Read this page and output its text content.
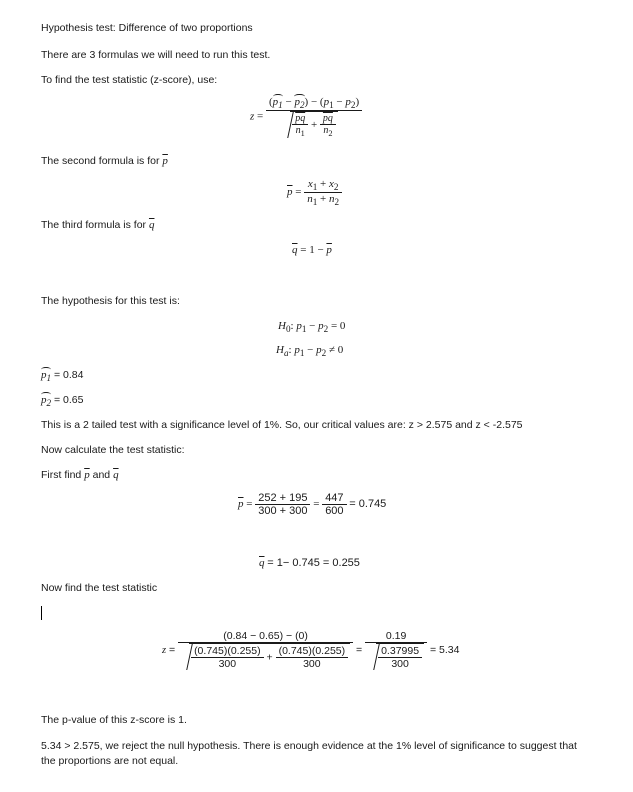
Hypothesis test: Difference of two proportions
There are 3 formulas we will need to run this test.
To find the test statistic (z-score), use:
$z = \frac{(p_1 - p_2) - (p_1 - p_2)}{\frac{\overline{pq}}{n_1} + \frac{\overline{pq}}{n_2}}$
The second formula is for $\overline{p}$
$\overline{p} = \frac{x_1 + x_2}{n_1 + n_2}$
The third formula is for $\overline{q}$
$\overline{q} = 1 - \overline{p}$
The hypothesis for this test is:
$H_0$: $p_1 - p_2 = 0$
$H_a$: $p_1 - p_2 \ne 0$
$p_1 = 0.84$
$p_2 = 0.65$
This is a 2 tailed test with a significance level of 1%. So, our critical values are: z > 2.575 and z < -2.575
Now calculate the test statistic:
First find $\overline{p}$ and $\overline{q}$
$\overline{p} = \frac{252 + 195}{300 + 300} = \frac{447}{600} = 0.745$
$\overline{q} = 1- 0.745 = 0.255$
Now find the test statistic
$z = \frac{(0.84 - 0.65) - (0)}{\frac{(0.745)(0.255)}{300} + \frac{(0.745)(0.255)}{300}} = \frac{0.19}{\frac{0.37995}{300}} = 5.34$
The p-value of this z-score is 1.
5.34 > 2.575, we reject the null hypothesis. There is enough evidence at the 1% level of significance to suggest that
the proportions are not equal.
